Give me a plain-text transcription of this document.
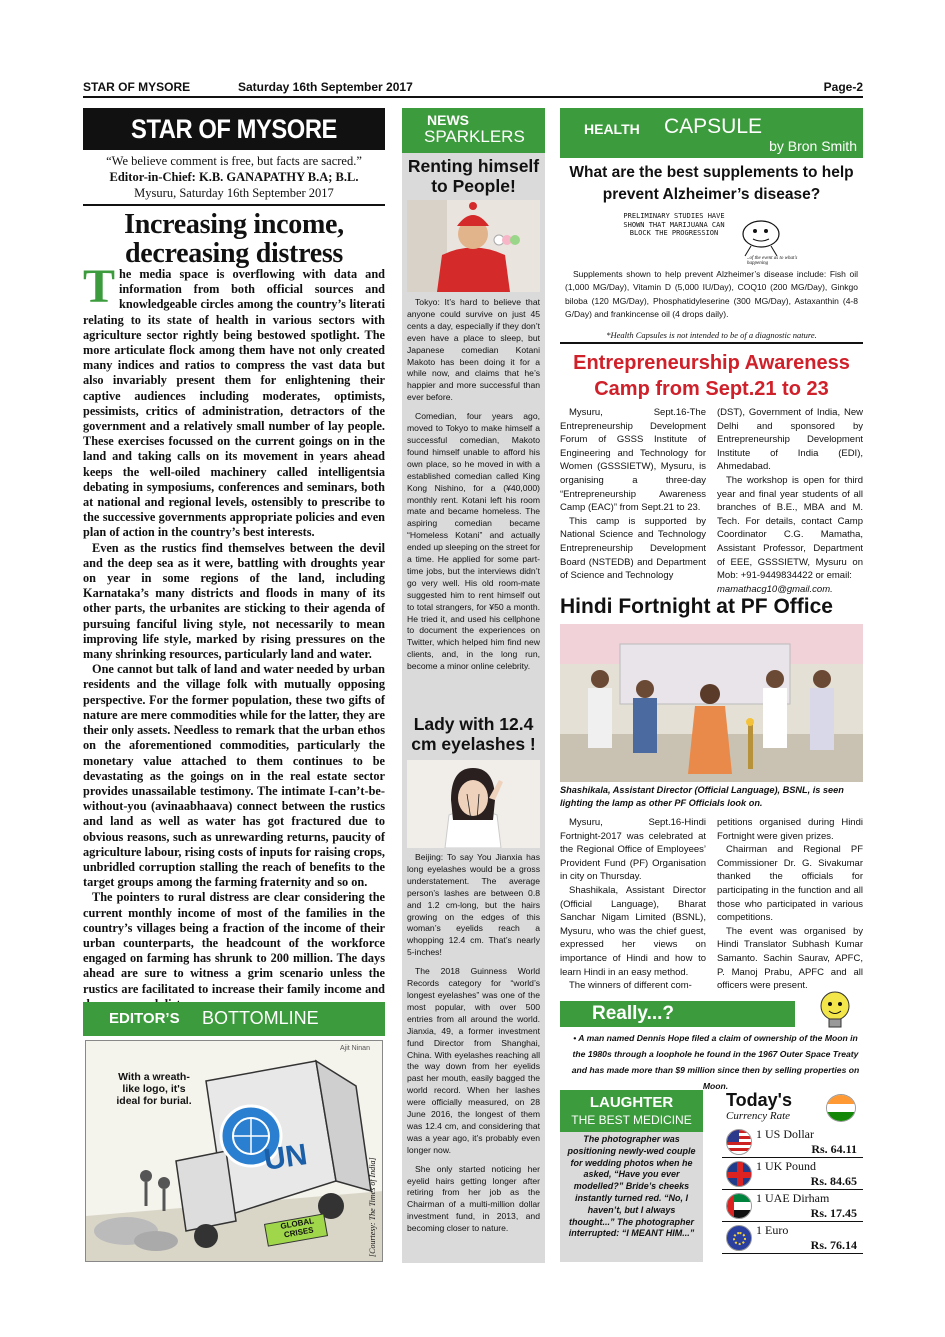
STAR OF MYSORE	Saturday 16th September 2017	Page-2
STAR OF MYSORE
“We believe comment is free, but facts are sacred.”
Editor-in-Chief: K.B. GANAPATHY B.A; B.L.
Mysuru, Saturday 16th September 2017
Increasing income,
decreasing distress

The media space is overflowing with data and information from both official sources and knowledgeable circles among the country’s literati relating to its state of health in various sectors with agriculture sector rightly being bestowed spotlight. The more articulate flock among them have not only created many indices and ratios to compress the vast data but also invariably present them for enlightening their captive audiences including moderates, optimists, pessimists, critics of administration, detractors of the government and a relatively small number of lay people. These exercises focussed on the current goings on in the land and taking calls on its movement in years ahead keeps the well-oiled machinery called intelligentsia debating in symposiums, conferences and seminars, both at national and regional levels, ostensibly to prescribe to the successive governments appropriate policies and even plan of action in the country’s best interests.

Even as the rustics find themselves between the devil and the deep sea as it were, battling with droughts year on year in some regions of the land, including Karnataka’s many districts and floods in many of its other parts, the urbanites are sticking to their agenda of pursuing fanciful living style, not necessarily to mean improving life style, marked by rising pressures on the many shrinking resources, particularly land and water.

One cannot but talk of land and water needed by urban residents and the village folk with mutually opposing perspective. For the former population, these two gifts of nature are mere commodities while for the latter, they are their only assets. Needless to remark that the urban ethos on the aforementioned commodities, particularly the monetary value attached to them continues to be devastating as the goings on in the real estate sector provides unassailable testimony. The intimate I-can’t-be-without-you (avinaabhaava) connect between the rustics and land as well as water has got fractured due to obvious reasons, such as unrewarding returns, paucity of agriculture labour, rising costs of inputs for raising crops, unbridled corruption stalling the reach of benefits to the target groups among the farming fraternity and so on.

The pointers to rural distress are clear considering the current monthly income of most of the families in the country’s villages being a fraction of the income of their urban counterparts, the headcount of the workforce engaged on farming has shrunk to 200 million. The days ahead are sure to witness a grim scenario unless the rustics are facilitated to increase their family income and

EDITOR’S BOTTOMLINE
With a wreath-like logo, it's ideal for burial.
Ajit Ninan
UN
GLOBAL CRISES	[Courtesy: The Times of India]
NEWS
SPARKLERS
Renting himself to People!

Tokyo: It’s hard to believe that anyone could survive on just 45 cents a day, especially if they don’t even have a place to sleep, but Japanese comedian Kotani Makoto has been doing it for a while now, and claims that he’s happier and more successful than ever before.

Comedian, four years ago, moved to Tokyo to make himself a successful comedian, Makoto found himself unable to afford his own place, so he moved in with a established comedian called King Kong Nishino, for a (¥40,000) monthly rent. Kotani left his room mate and became homeless. The aspiring comedian became “Homeless Kotani” and actually ended up sleeping on the street for a time. He applied for some part-time jobs, but the interviews didn’t go very well. His old room-mate suggested him to rent himself out to total strangers, for ¥50 a month. He tried it, and used his cellphone to document the experiences on Twitter, which helped him find new clients, and, in the long run, become a minor online celebrity.

Lady with 12.4 cm eyelashes !

Beijing: To say You Jianxia has long eyelashes would be a gross understatement. The average person’s lashes are between 0.8 and 1.2 cm-long, but the hairs growing on the edges of this woman’s eyelids reach a whopping 12.4 cm. That’s nearly 5-inches!

The 2018 Guinness World Records category for “world’s longest eyelashes” was one of the most popular, with over 500 entries from all around the world. Jianxia, 49, a former investment fund Director from Shanghai, China. With eyelashes reaching all the way down from her eyelids past her mouth, easily bagged the world record. When her lashes were officially measured, on 28 June 2016, the longest of them was 12.4 cm, and considering that was a year ago, it’s probably even longer now.

She only started noticing her eyelid hairs getting longer after retiring from her job as the Chairman of a multi-million dollar investment fund, in 2013, and becoming closer to nature.

HEALTH CAPSULE
by Bron Smith
What are the best supplements to help prevent Alzheimer’s disease?
PRELIMINARY STUDIES HAVE SHOWN THAT MARIJUANA CAN BLOCK THE PROGRESSION
..of the event as to what's happening
Supplements shown to help prevent Alzheimer’s disease include: Fish oil (1,000 MG/Day), Vitamin D (5,000 IU/Day), COQ10 (200 MG/Day), Ginkgo biloba (120 MG/Day), Phosphatidyleserine (300 MG/Day), Astaxanthin (4-8 G/Day) and frankincense oil (4 drops daily).
*Health Capsules is not intended to be of a diagnostic nature.
Entrepreneurship Awareness
Camp from Sept.21 to 23

Mysuru, Sept.16-The Entrepreneurship Development Forum of GSSS Institute of Engineering and Technology for Women (GSSSIETW), Mysuru, is organising a three-day “Entrepreneurship Awareness Camp (EAC)” from Sept.21 to 23.

This camp is supported by National Science and Technology Entrepreneurship Development Board (NSTEDB) and Department of Science and Technology

(DST), Government of India, New Delhi and sponsored by Entrepreneurship Development Institute of India (EDI), Ahmedabad.

The workshop is open for third year and final year students of all branches of B.E., MBA and M. Tech. For details, contact Camp Coordinator C.G. Mamatha, Assistant Professor, Department of EEE, GSSSIETW, Mysuru on Mob: +91-9449834422 or email:

mamathacg10@gmail.com.

Hindi Fortnight at PF Office
Shashikala, Assistant Director (Official Language), BSNL, is seen lighting the lamp as other PF Officials look on.

Mysuru, Sept.16-Hindi Fortnight-2017 was celebrated at the Regional Office of Employees’ Provident Fund (PF) Organisation in city on Thursday.

Shashikala, Assistant Director (Official Language), Bharat Sanchar Nigam Limited (BSNL), Mysuru, who was the chief guest, expressed her views on importance of Hindi and how to learn Hindi in an easy method.

The winners of different com-

petitions organised during Hindi Fortnight were given prizes.

Chairman and Regional PF Commissioner Dr. G. Sivakumar thanked the officials for participating in the function and all those who participated in various competitions.

The event was organised by Hindi Translator Subhash Kumar Samanto. Sachin Saurav, APFC, P. Manoj Prabu, APFC and all officers were present.

Really...?
• A man named Dennis Hope filed a claim of ownership of the Moon in the 1980s through a loophole he found in the 1967 Outer Space Treaty and has made more than $9 million since then by selling properties on Moon.
LAUGHTER
THE BEST MEDICINE
The photographer was positioning newly-wed couple for wedding photos when he asked, “Have you ever modelled?” Bride’s cheeks instantly turned red. “No, I haven’t, but I always thought...” The photographer interrupted: “I MEANT HIM...”
Today's
Currency Rate
1 US Dollar
Rs. 64.11
1 UK Pound
Rs. 84.65
1 UAE Dirham
Rs. 17.45
1 Euro
Rs. 76.14
